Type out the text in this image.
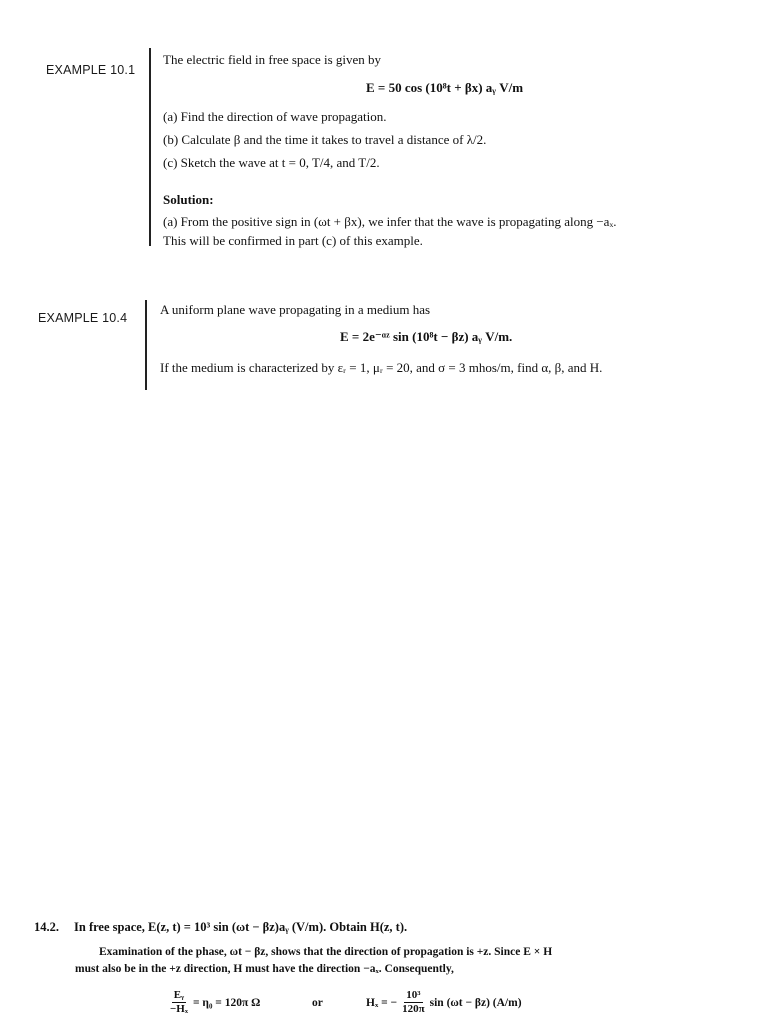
EXAMPLE 10.1
The electric field in free space is given by
E = 50 cos (10⁸t + βx) aᵧ V/m
(a) Find the direction of wave propagation.
(b) Calculate β and the time it takes to travel a distance of λ/2.
(c) Sketch the wave at t = 0, T/4, and T/2.
Solution:
(a) From the positive sign in (ωt + βx), we infer that the wave is propagating along −aₓ.
This will be confirmed in part (c) of this example.
EXAMPLE 10.4
A uniform plane wave propagating in a medium has
E = 2e⁻ᵅᶻ sin (10⁸t − βz) aᵧ V/m.
If the medium is characterized by εᵣ = 1, μᵣ = 20, and σ = 3 mhos/m, find α, β, and H.
14.2. In free space, E(z, t) = 10³ sin (ωt − βz)aᵧ (V/m). Obtain H(z, t).
Examination of the phase, ωt − βz, shows that the direction of propagation is +z. Since E × H
must also be in the +z direction, H must have the direction −aₓ. Consequently,
$\frac{\text{Eᵧ}}{\text{−Hₓ}} = \eta_0 = 120\pi$ Ω	or	Hₓ = − $\frac{\text{10³}}{120\pi}$ sin (ωt − βz) (A/m)
